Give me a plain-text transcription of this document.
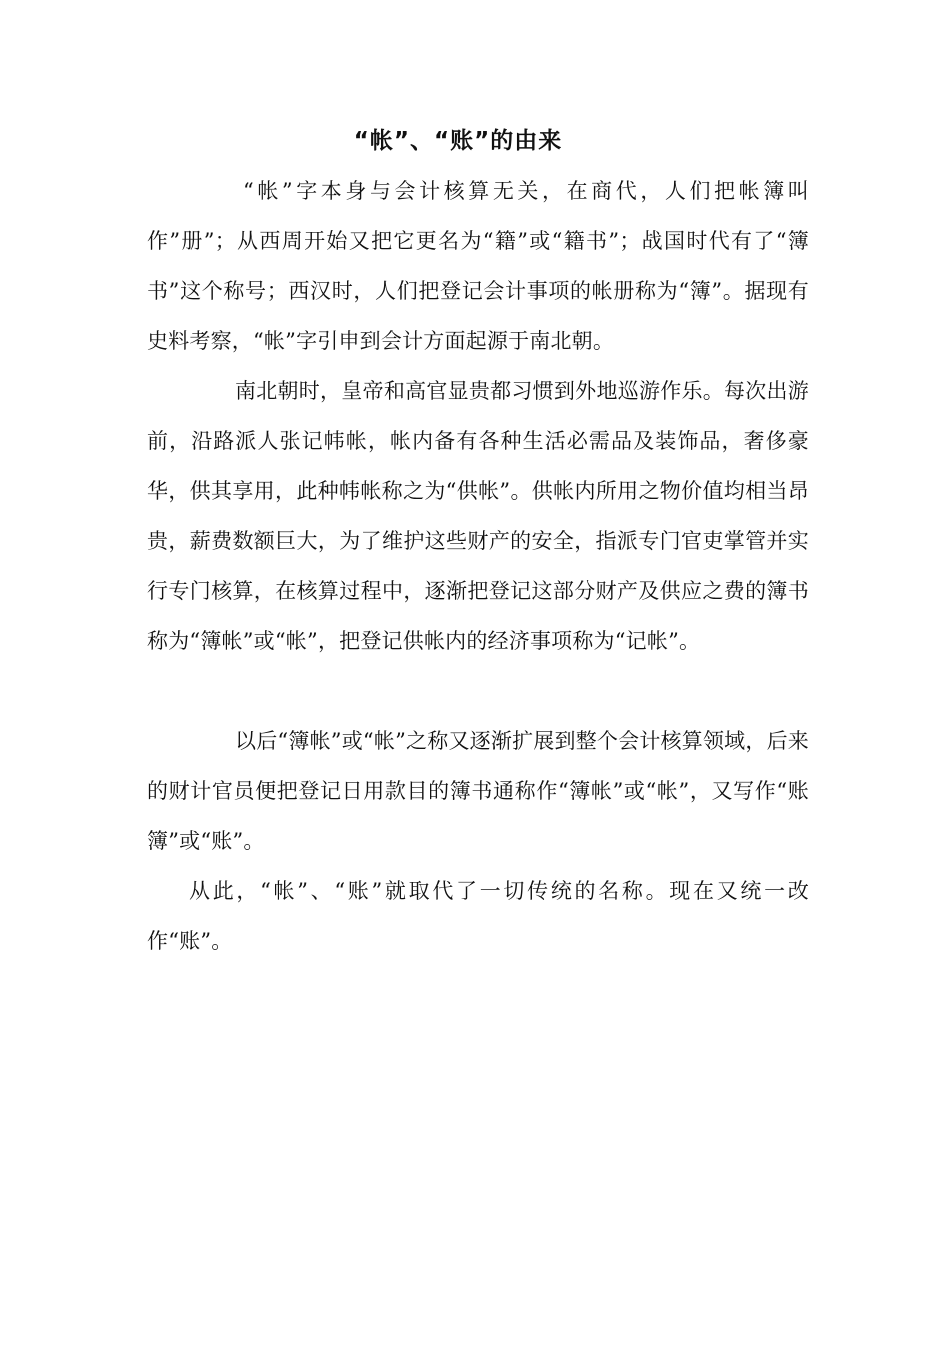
“帐”、“账”的由来

“帐”字本身与会计核算无关，在商代，人们把帐簿叫作”册”；从西周开始又把它更名为“籍”或“籍书”；战国时代有了“簿书”这个称号；西汉时，人们把登记会计事项的帐册称为“簿”。据现有史料考察，“帐”字引申到会计方面起源于南北朝。

南北朝时，皇帝和高官显贵都习惯到外地巡游作乐。每次出游前，沿路派人张记帏帐，帐内备有各种生活必需品及装饰品，奢侈豪华，供其享用，此种帏帐称之为“供帐”。供帐内所用之物价值均相当昂贵，薪费数额巨大，为了维护这些财产的安全，指派专门官吏掌管并实行专门核算，在核算过程中，逐渐把登记这部分财产及供应之费的簿书称为“簿帐”或“帐”，把登记供帐内的经济事项称为“记帐”。

以后“簿帐”或“帐”之称又逐渐扩展到整个会计核算领域，后来的财计官员便把登记日用款目的簿书通称作“簿帐”或“帐”，又写作“账簿”或“账”。

从此，“帐”、“账”就取代了一切传统的名称。现在又统一改作“账”。
